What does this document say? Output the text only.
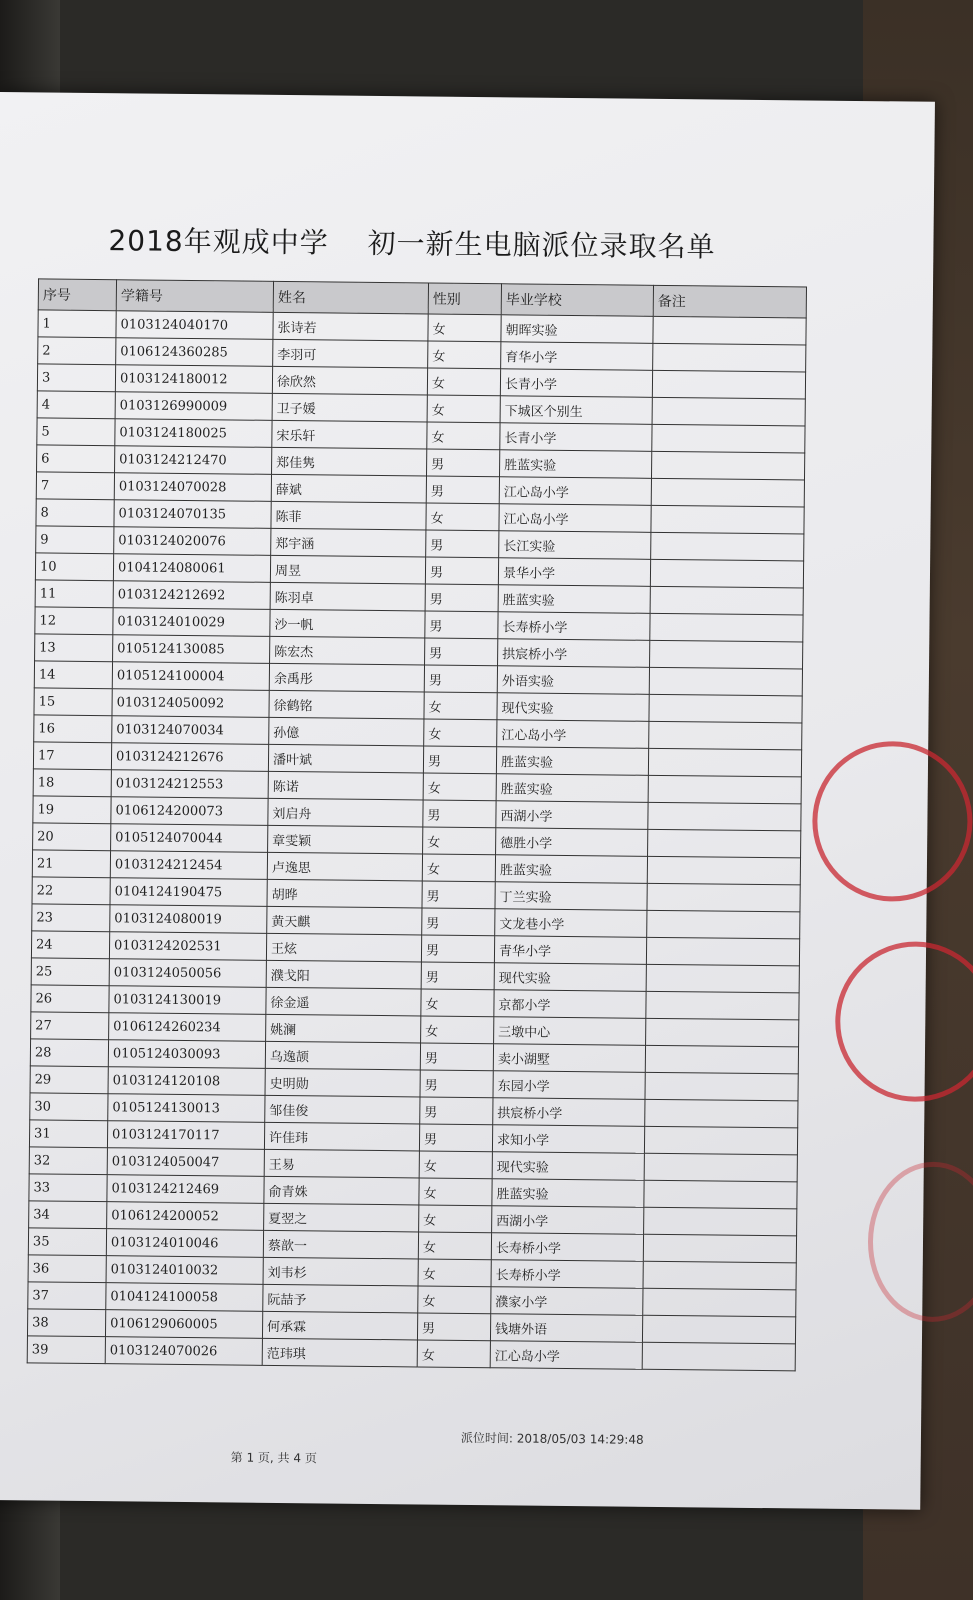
2018年观成中学　 初一新生电脑派位录取名单
序号	学籍号	姓名	性别	毕业学校	备注
1	0103124040170	张诗若	女	朝晖实验	
2	0106124360285	李羽可	女	育华小学	
3	0103124180012	徐欣然	女	长青小学	
4	0103126990009	卫子媛	女	下城区个别生	
5	0103124180025	宋乐轩	女	长青小学	
6	0103124212470	郑佳隽	男	胜蓝实验	
7	0103124070028	薛斌	男	江心岛小学	
8	0103124070135	陈菲	女	江心岛小学	
9	0103124020076	郑宇涵	男	长江实验	
10	0104124080061	周昱	男	景华小学	
11	0103124212692	陈羽卓	男	胜蓝实验	
12	0103124010029	沙一帆	男	长寿桥小学	
13	0105124130085	陈宏杰	男	拱宸桥小学	
14	0105124100004	余禹彤	男	外语实验	
15	0103124050092	徐鹤铭	女	现代实验	
16	0103124070034	孙億	女	江心岛小学	
17	0103124212676	潘叶斌	男	胜蓝实验	
18	0103124212553	陈诺	女	胜蓝实验	
19	0106124200073	刘启舟	男	西湖小学	
20	0105124070044	章雯颖	女	德胜小学	
21	0103124212454	卢逸思	女	胜蓝实验	
22	0104124190475	胡晔	男	丁兰实验	
23	0103124080019	黄天麒	男	文龙巷小学	
24	0103124202531	王炫	男	青华小学	
25	0103124050056	濮戈阳	男	现代实验	
26	0103124130019	徐金遥	女	京都小学	
27	0106124260234	姚澜	女	三墩中心	
28	0105124030093	乌逸颉	男	卖小湖墅	
29	0103124120108	史明勋	男	东园小学	
30	0105124130013	邹佳俊	男	拱宸桥小学	
31	0103124170117	许佳玮	男	求知小学	
32	0103124050047	王易	女	现代实验	
33	0103124212469	俞青姝	女	胜蓝实验	
34	0106124200052	夏翌之	女	西湖小学	
35	0103124010046	蔡歆一	女	长寿桥小学	
36	0103124010032	刘韦杉	女	长寿桥小学	
37	0104124100058	阮喆予	女	濮家小学	
38	0106129060005	何承霖	男	钱塘外语	
39	0103124070026	范玮琪	女	江心岛小学	
派位时间: 2018/05/03 14:29:48
第 1 页, 共 4 页
